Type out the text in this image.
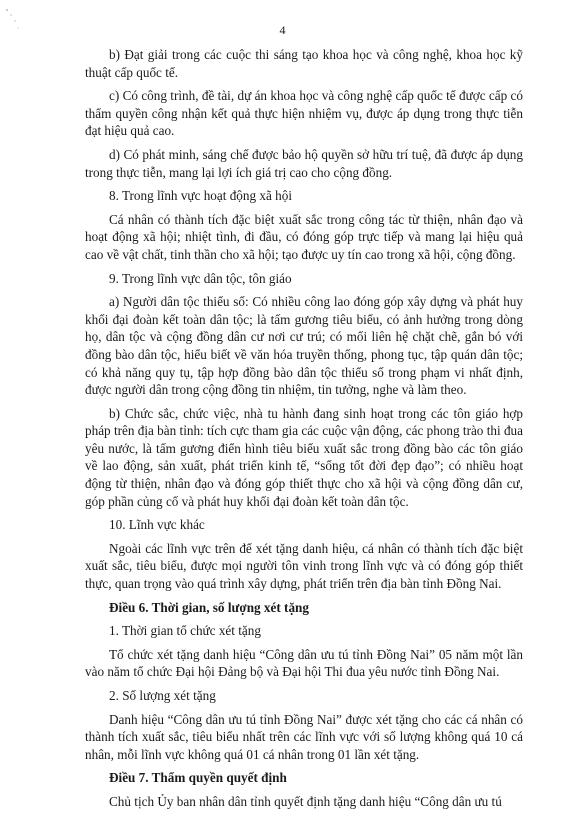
4

b) Đạt giải trong các cuộc thi sáng tạo khoa học và công nghệ, khoa học kỹ thuật cấp quốc tế.

c) Có công trình, đề tài, dự án khoa học và công nghệ cấp quốc tế được cấp có thẩm quyền công nhận kết quả thực hiện nhiệm vụ, được áp dụng trong thực tiễn đạt hiệu quả cao.

d) Có phát minh, sáng chế được bảo hộ quyền sở hữu trí tuệ, đã được áp dụng trong thực tiễn, mang lại lợi ích giá trị cao cho cộng đồng.

8. Trong lĩnh vực hoạt động xã hội

Cá nhân có thành tích đặc biệt xuất sắc trong công tác từ thiện, nhân đạo và hoạt động xã hội; nhiệt tình, đi đầu, có đóng góp trực tiếp và mang lại hiệu quả cao về vật chất, tinh thần cho xã hội; tạo được uy tín cao trong xã hội, cộng đồng.

9. Trong lĩnh vực dân tộc, tôn giáo

a) Người dân tộc thiểu số: Có nhiều công lao đóng góp xây dựng và phát huy khối đại đoàn kết toàn dân tộc; là tấm gương tiêu biểu, có ảnh hưởng trong dòng họ, dân tộc và cộng đồng dân cư nơi cư trú; có mối liên hệ chặt chẽ, gắn bó với đồng bào dân tộc, hiểu biết về văn hóa truyền thống, phong tục, tập quán dân tộc; có khả năng quy tụ, tập hợp đồng bào dân tộc thiểu số trong phạm vi nhất định, được người dân trong cộng đồng tin nhiệm, tin tưởng, nghe và làm theo.

b) Chức sắc, chức việc, nhà tu hành đang sinh hoạt trong các tôn giáo hợp pháp trên địa bàn tỉnh: tích cực tham gia các cuộc vận động, các phong trào thi đua yêu nước, là tấm gương điển hình tiêu biểu xuất sắc trong đồng bào các tôn giáo về lao động, sản xuất, phát triển kinh tế, “sống tốt đời đẹp đạo”; có nhiều hoạt động từ thiện, nhân đạo và đóng góp thiết thực cho xã hội và cộng đồng dân cư, góp phần củng cố và phát huy khối đại đoàn kết toàn dân tộc.

10. Lĩnh vực khác

Ngoài các lĩnh vực trên để xét tặng danh hiệu, cá nhân có thành tích đặc biệt xuất sắc, tiêu biểu, được mọi người tôn vinh trong lĩnh vực và có đóng góp thiết thực, quan trọng vào quá trình xây dựng, phát triển trên địa bàn tỉnh Đồng Nai.

Điều 6. Thời gian, số lượng xét tặng

1. Thời gian tổ chức xét tặng

Tổ chức xét tặng danh hiệu “Công dân ưu tú tỉnh Đồng Nai” 05 năm một lần vào năm tổ chức Đại hội Đảng bộ và Đại hội Thi đua yêu nước tỉnh Đồng Nai.

2. Số lượng xét tặng

Danh hiệu “Công dân ưu tú tỉnh Đồng Nai” được xét tặng cho các cá nhân có thành tích xuất sắc, tiêu biểu nhất trên các lĩnh vực với số lượng không quá 10 cá nhân, mỗi lĩnh vực không quá 01 cá nhân trong 01 lần xét tặng.

Điều 7. Thẩm quyền quyết định

Chủ tịch Ủy ban nhân dân tỉnh quyết định tặng danh hiệu “Công dân ưu tú
